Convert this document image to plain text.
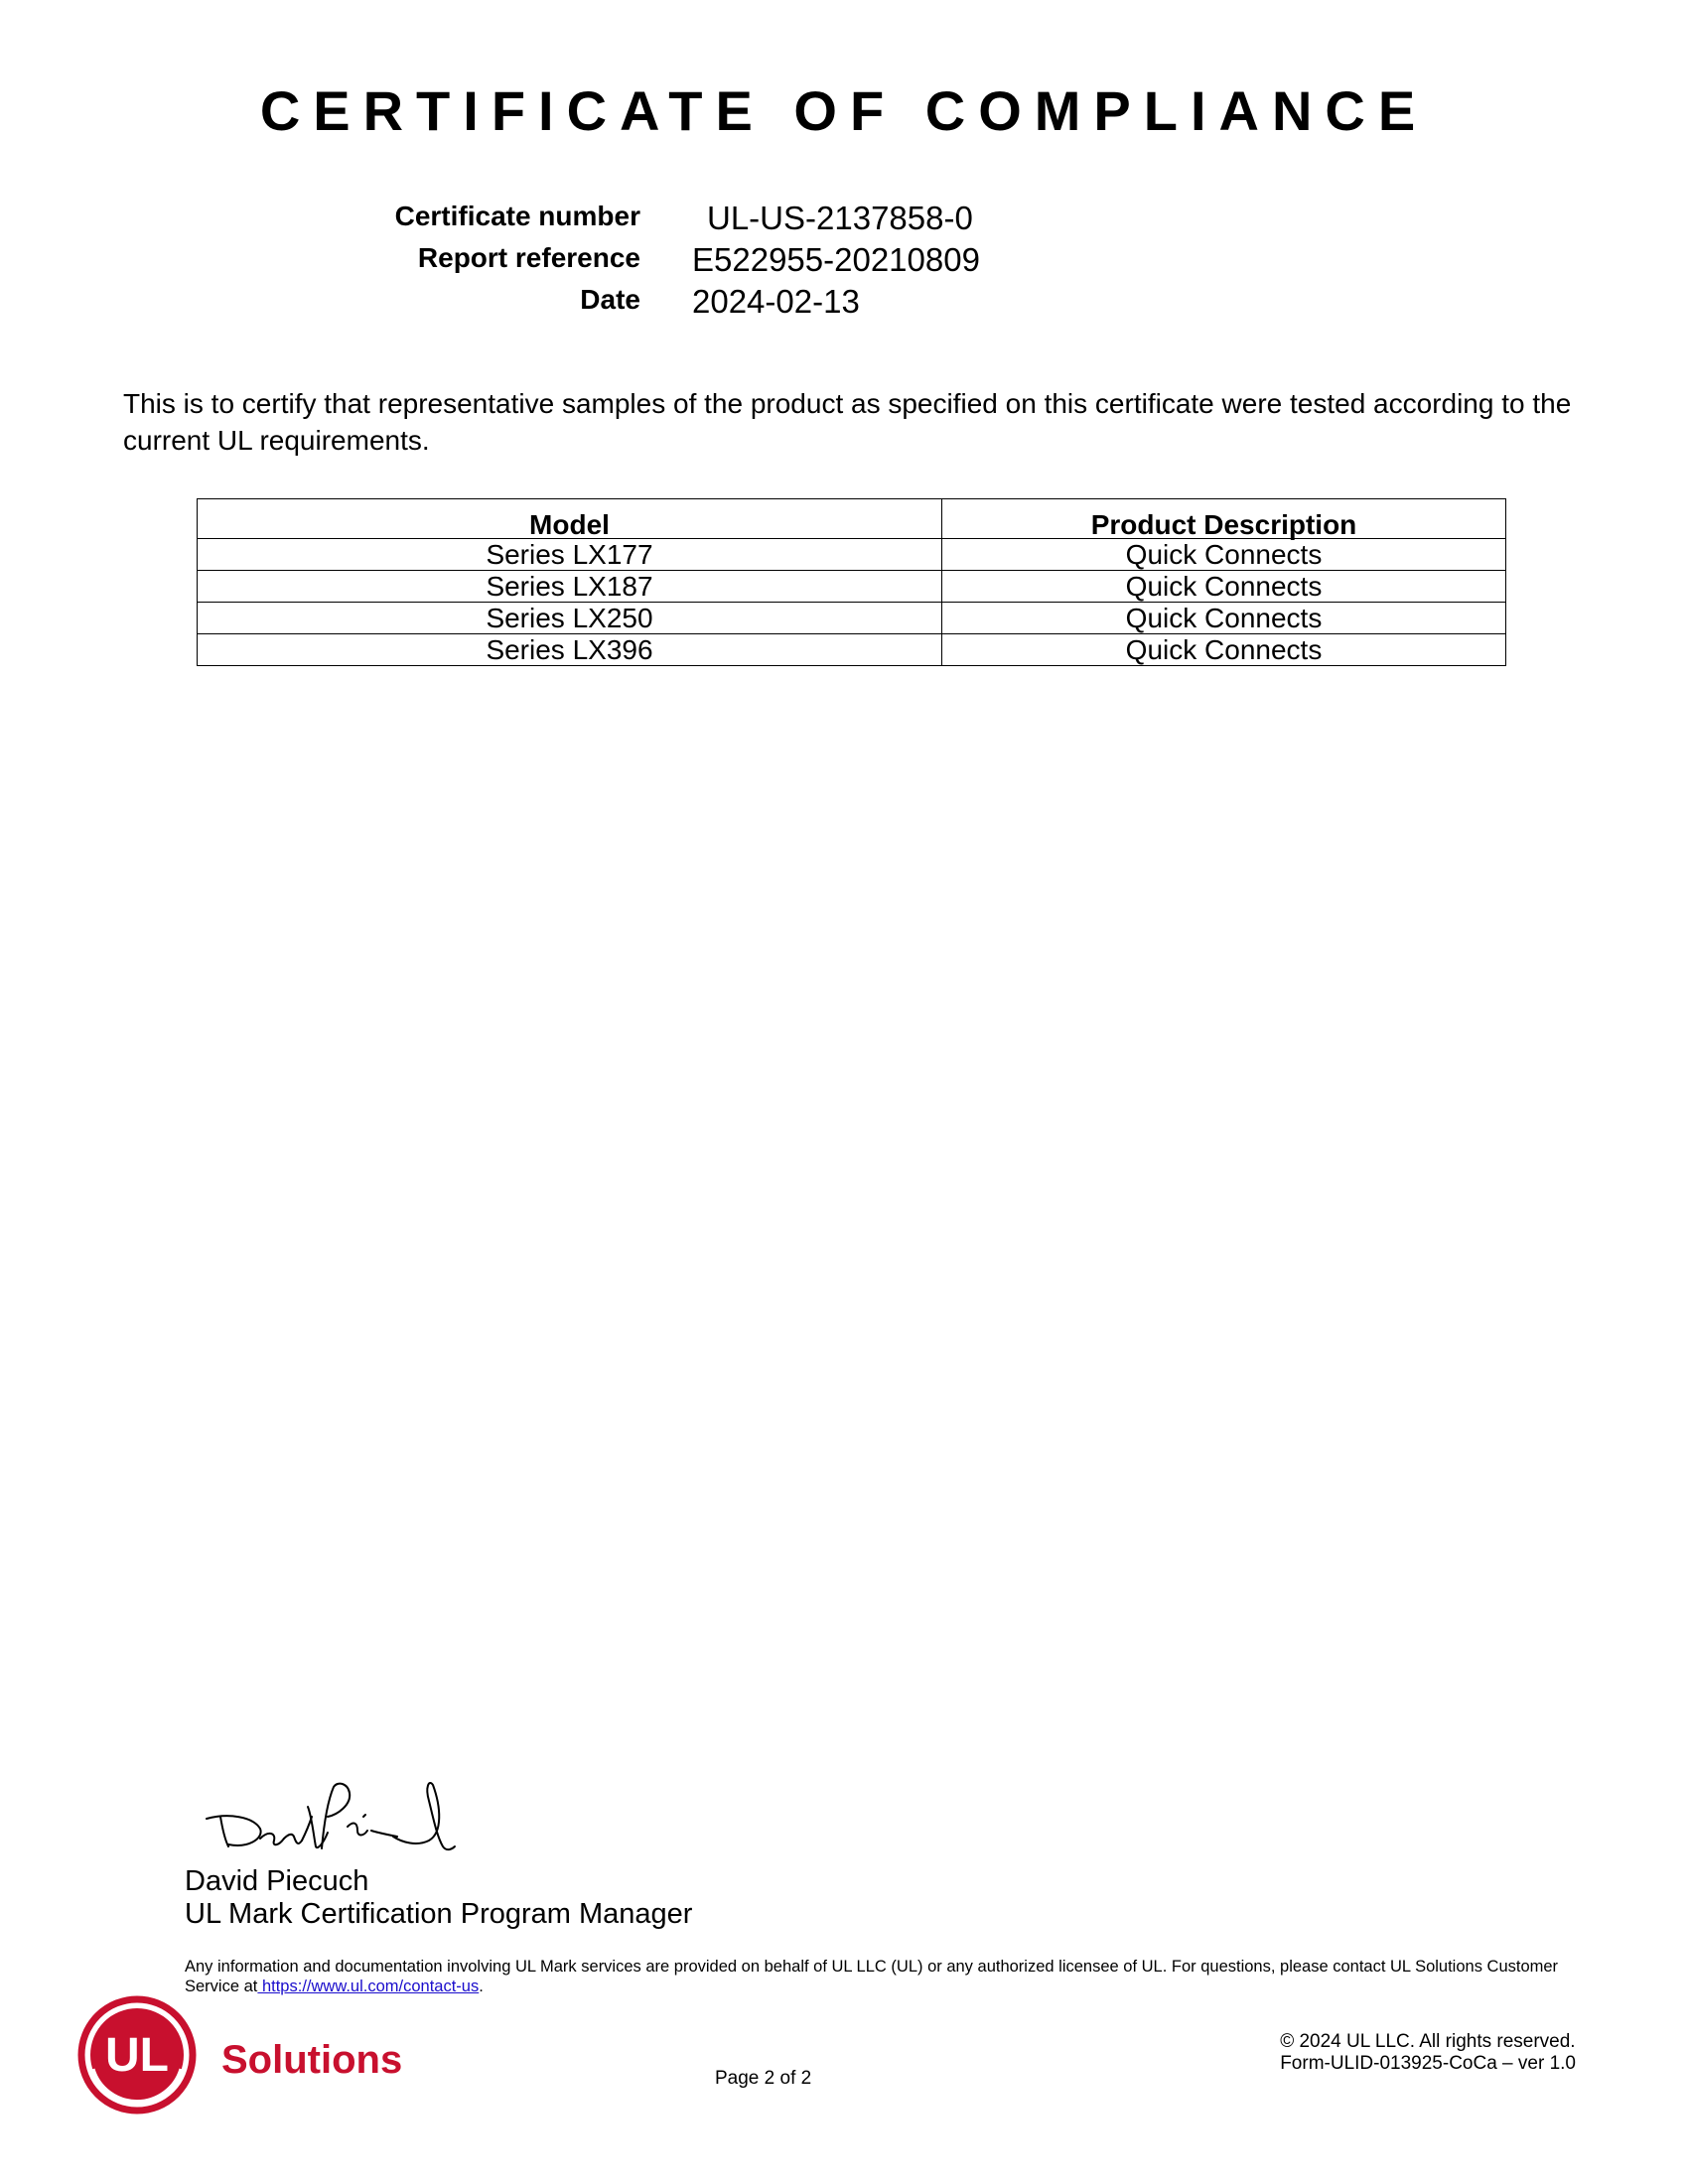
CERTIFICATE OF COMPLIANCE
Certificate number UL-US-2137858-0
Report reference E522955-20210809
Date 2024-02-13
This is to certify that representative samples of the product as specified on this certificate were tested according to the current UL requirements.
Model	Product Description
Series LX177	Quick Connects
Series LX187	Quick Connects
Series LX250	Quick Connects
Series LX396	Quick Connects
David Piecuch
UL Mark Certification Program Manager
Any information and documentation involving UL Mark services are provided on behalf of UL LLC (UL) or any authorized licensee of UL. For questions, please contact UL Solutions Customer Service at https://www.ul.com/contact-us.
UL Solutions	Page 2 of 2
© 2024 UL LLC. All rights reserved.
Form-ULID-013925-CoCa – ver 1.0
